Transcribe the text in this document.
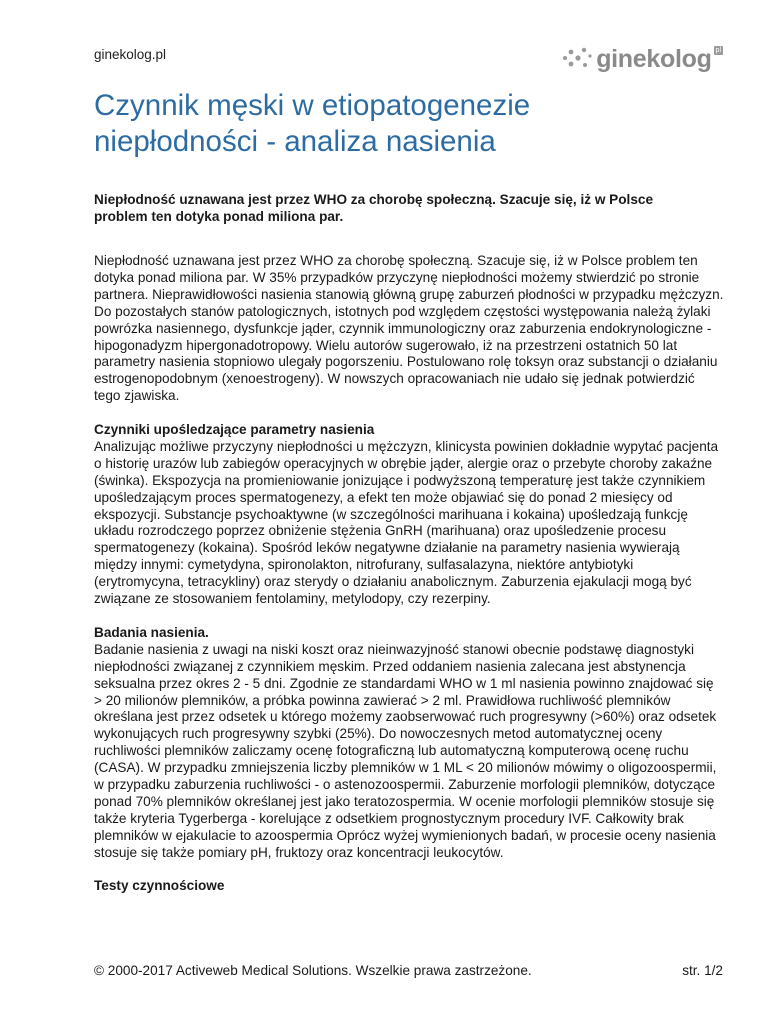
ginekolog.pl	ginekolog pl
Czynnik męski w etiopatogenezie niepłodności - analiza nasienia

Niepłodność uznawana jest przez WHO za chorobę społeczną. Szacuje się, iż w Polsce problem ten dotyka ponad miliona par.

Niepłodność uznawana jest przez WHO za chorobę społeczną. Szacuje się, iż w Polsce problem ten dotyka ponad miliona par. W 35% przypadków przyczynę niepłodności możemy stwierdzić po stronie partnera. Nieprawidłowości nasienia stanowią główną grupę zaburzeń płodności w przypadku mężczyzn. Do pozostałych stanów patologicznych, istotnych pod względem częstości występowania należą żylaki powrózka nasiennego, dysfunkcje jąder, czynnik immunologiczny oraz zaburzenia endokrynologiczne - hipogonadyzm hipergonadotropowy. Wielu autorów sugerowało, iż na przestrzeni ostatnich 50 lat parametry nasienia stopniowo ulegały pogorszeniu. Postulowano rolę toksyn oraz substancji o działaniu estrogenopodobnym (xenoestrogeny). W nowszych opracowaniach nie udało się jednak potwierdzić tego zjawiska.

Czynniki upośledzające parametry nasienia

Analizując możliwe przyczyny niepłodności u mężczyzn, klinicysta powinien dokładnie wypytać pacjenta o historię urazów lub zabiegów operacyjnych w obrębie jąder, alergie oraz o przebyte choroby zakaźne (świnka). Ekspozycja na promieniowanie jonizujące i podwyższoną temperaturę jest także czynnikiem upośledzającym proces spermatogenezy, a efekt ten może objawiać się do ponad 2 miesięcy od ekspozycji. Substancje psychoaktywne (w szczególności marihuana i kokaina) upośledzają funkcję układu rozrodczego poprzez obniżenie stężenia GnRH (marihuana) oraz upośledzenie procesu spermatogenezy (kokaina). Spośród leków negatywne działanie na parametry nasienia wywierają między innymi: cymetydyna, spironolakton, nitrofurany, sulfasalazyna, niektóre antybiotyki (erytromycyna, tetracykliny) oraz sterydy o działaniu anabolicznym. Zaburzenia ejakulacji mogą być związane ze stosowaniem fentolaminy, metylodopy, czy rezerpiny.

Badania nasienia.

Badanie nasienia z uwagi na niski koszt oraz nieinwazyjność stanowi obecnie podstawę diagnostyki niepłodności związanej z czynnikiem męskim. Przed oddaniem nasienia zalecana jest abstynencja seksualna przez okres 2 - 5 dni. Zgodnie ze standardami WHO w 1 ml nasienia powinno znajdować się > 20 milionów plemników, a próbka powinna zawierać > 2 ml. Prawidłowa ruchliwość plemników określana jest przez odsetek u którego możemy zaobserwować ruch progresywny (>60%) oraz odsetek wykonujących ruch progresywny szybki (25%). Do nowoczesnych metod automatycznej oceny ruchliwości plemników zaliczamy ocenę fotograficzną lub automatyczną komputerową ocenę ruchu (CASA). W przypadku zmniejszenia liczby plemników w 1 ML < 20 milionów mówimy o oligozoospermii, w przypadku zaburzenia ruchliwości - o astenozoospermii. Zaburzenie morfologii plemników, dotyczące ponad 70% plemników określanej jest jako teratozospermia. W ocenie morfologii plemników stosuje się także kryteria Tygerberga - korelujące z odsetkiem prognostycznym procedury IVF. Całkowity brak plemników w ejakulacie to azoospermia Oprócz wyżej wymienionych badań, w procesie oceny nasienia stosuje się także pomiary pH, fruktozy oraz koncentracji leukocytów.

Testy czynnościowe
© 2000-2017 Activeweb Medical Solutions. Wszelkie prawa zastrzeżone.	str. 1/2
